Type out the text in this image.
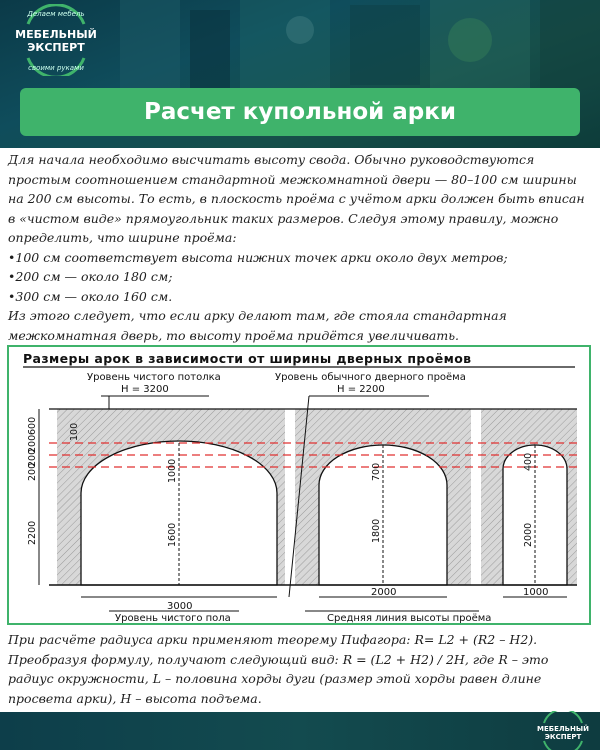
Делаем мебель
МЕБЕЛЬНЫЙ
ЭКСПЕРТ
своими руками
Расчет купольной арки

Для начала необходимо высчитать высоту свода. Обычно руководствуются простым соотношением стандартной межкомнатной двери — 80–100 см ширины на 200 см высоты. То есть, в плоскость проёма с учётом арки должен быть вписан в «чистом виде» прямоугольник таких размеров. Следуя этому правилу, можно определить, что ширине проёма:

•100 см соответствует высота нижних точек арки около двух метров;

•200 см — около 180 см;

•300 см — около 160 см.

Из этого следует, что если арку делают там, где стояла стандартная межкомнатная дверь, то высоту проёма придётся увеличивать.

Размеры арок в зависимости от ширины дверных проёмов
Уровень чистого потолка
H = 3200
Уровень обычного дверного проёма
H = 2200
600
200
200
200
2200
100
1000
1600
3000
700
1800
2000
400
2000
1000
Уровень чистого пола	Средняя линия высоты проёма
При расчёте радиуса арки применяют теорему Пифагора: R= L2 + (R2 – H2). Преобразуя формулу, получают следующий вид: R = (L2 + H2) / 2H, где R – это радиус окружности, L – половина хорды дуги (размер этой хорды равен длине просвета арки), H – высота подъема.
МЕБЕЛЬНЫЙ
ЭКСПЕРТ
